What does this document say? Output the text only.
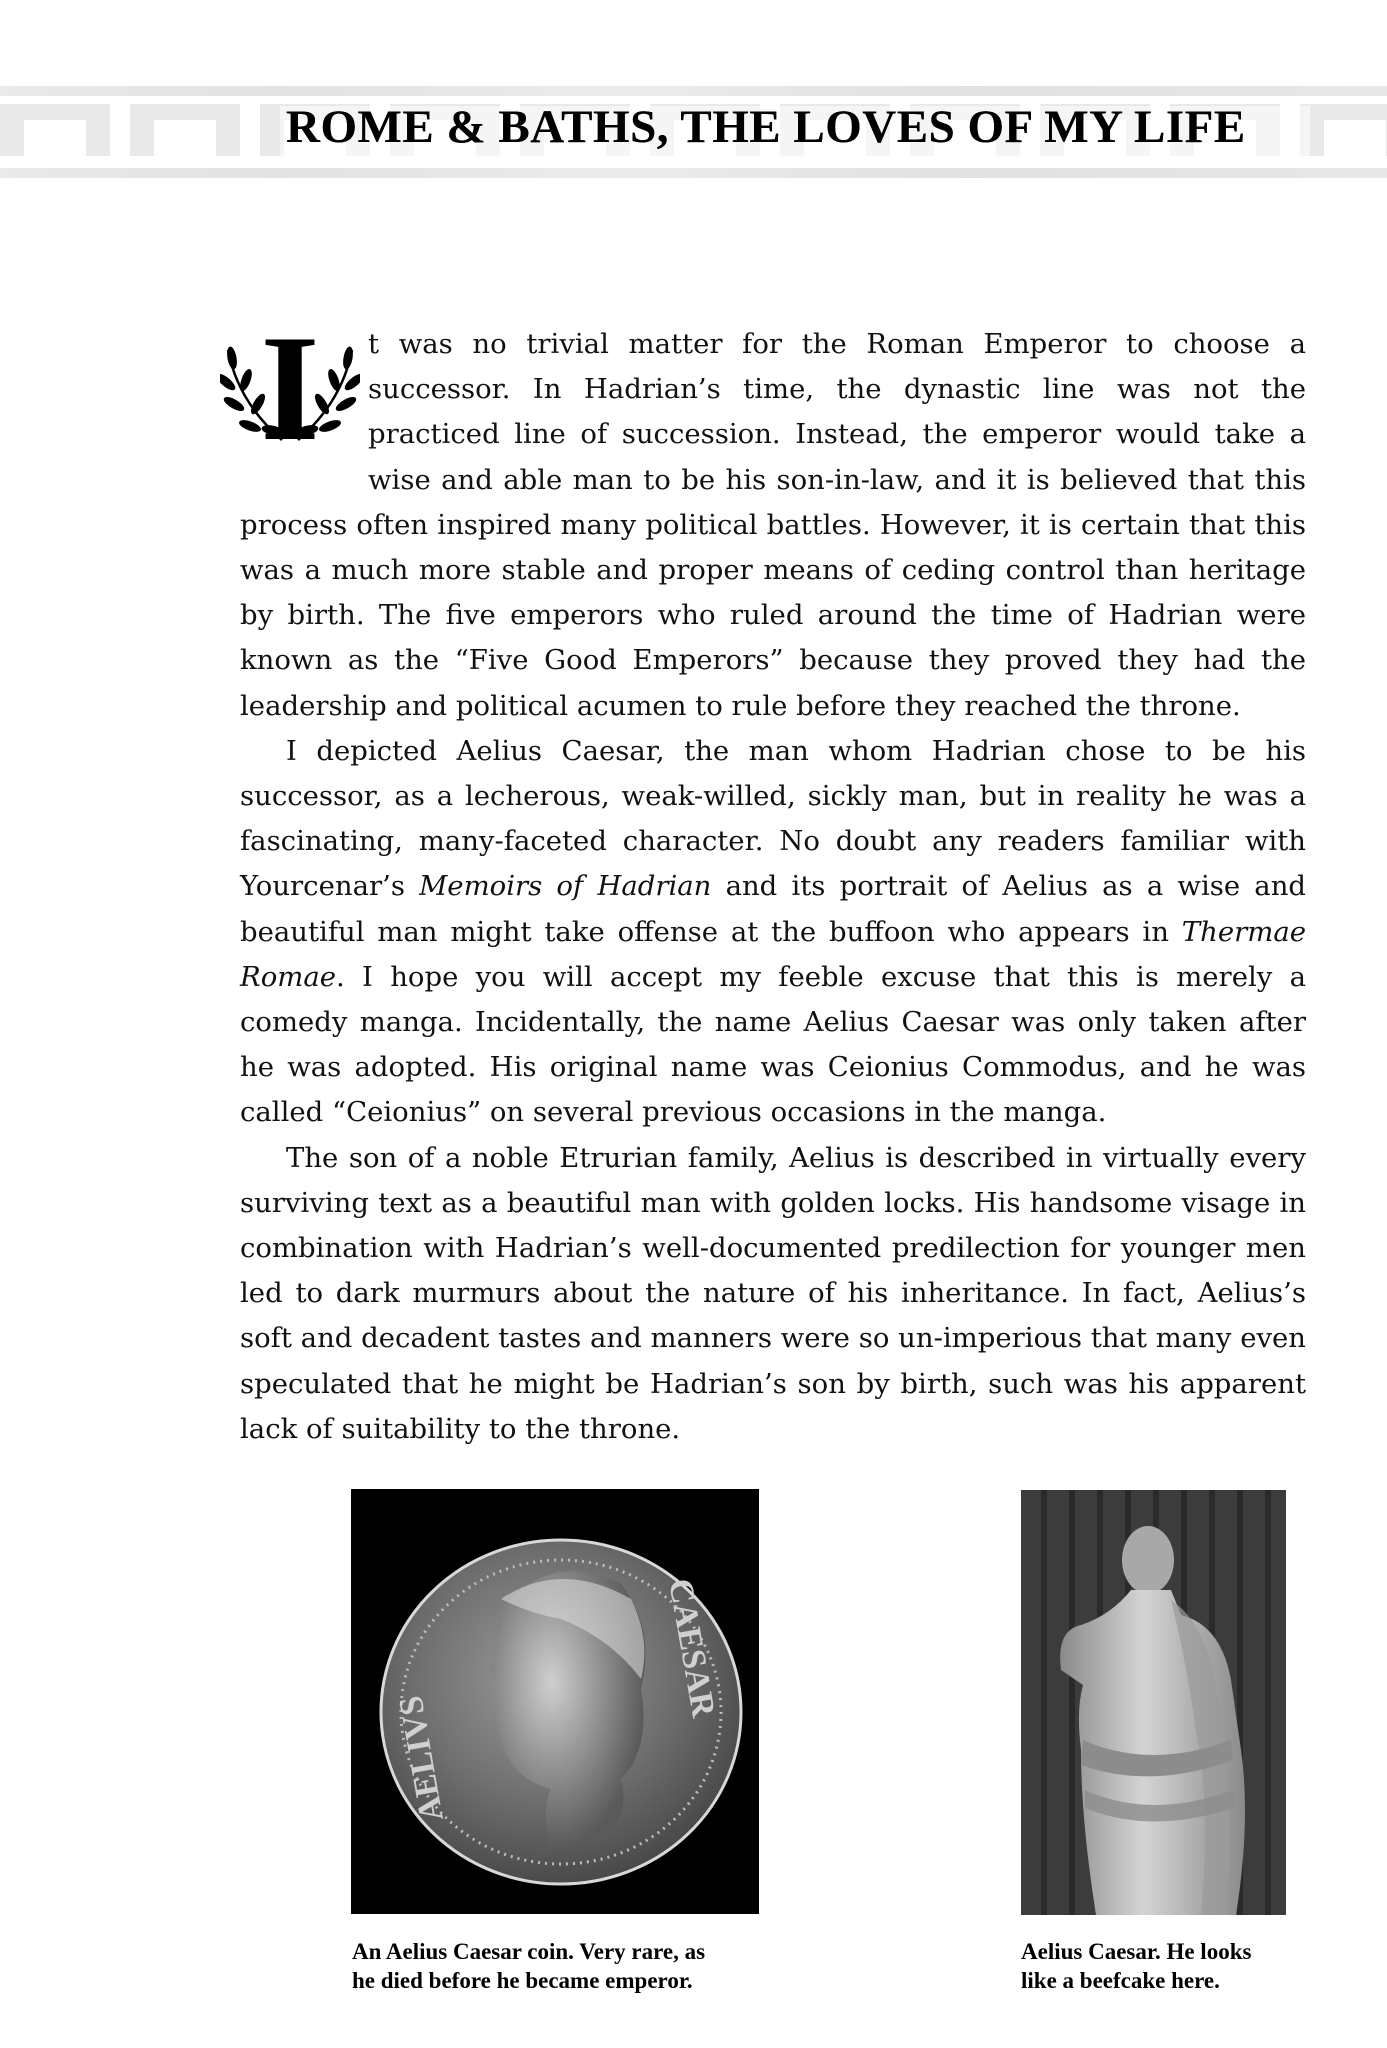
ROME & BATHS, THE LOVES OF MY LIFE

I t was no trivial matter for the Roman Emperor to choose a successor. In Hadrian’s time, the dynastic line was not the practiced line of succession. Instead, the emperor would take a wise and able man to be his son-in-law, and it is believed that this process often inspired many political battles. However, it is certain that this was a much more stable and proper means of ceding control than heritage by birth. The five emperors who ruled around the time of Hadrian were known as the “Five Good Emperors” because they proved they had the leadership and political acumen to rule before they reached the throne.

I depicted Aelius Caesar, the man whom Hadrian chose to be his successor, as a lecherous, weak-willed, sickly man, but in reality he was a fascinating, many-faceted character. No doubt any readers familiar with Yourcenar’s Memoirs of Hadrian and its portrait of Aelius as a wise and beautiful man might take offense at the buffoon who appears in Thermae Romae. I hope you will accept my feeble excuse that this is merely a comedy manga. Incidentally, the name Aelius Caesar was only taken after he was adopted. His original name was Ceionius Commodus, and he was called “Ceionius” on several previous occasions in the manga.

The son of a noble Etrurian family, Aelius is described in virtually every surviving text as a beautiful man with golden locks. His handsome visage in combination with Hadrian’s well-documented predilection for younger men led to dark murmurs about the nature of his inheritance. In fact, Aelius’s soft and decadent tastes and manners were so un-imperious that many even speculated that he might be Hadrian’s son by birth, such was his apparent lack of suitability to the throne.

AELIVS
CAESAR
An Aelius Caesar coin. Very rare, as
he died before he became emperor.
Aelius Caesar. He looks
like a beefcake here.
